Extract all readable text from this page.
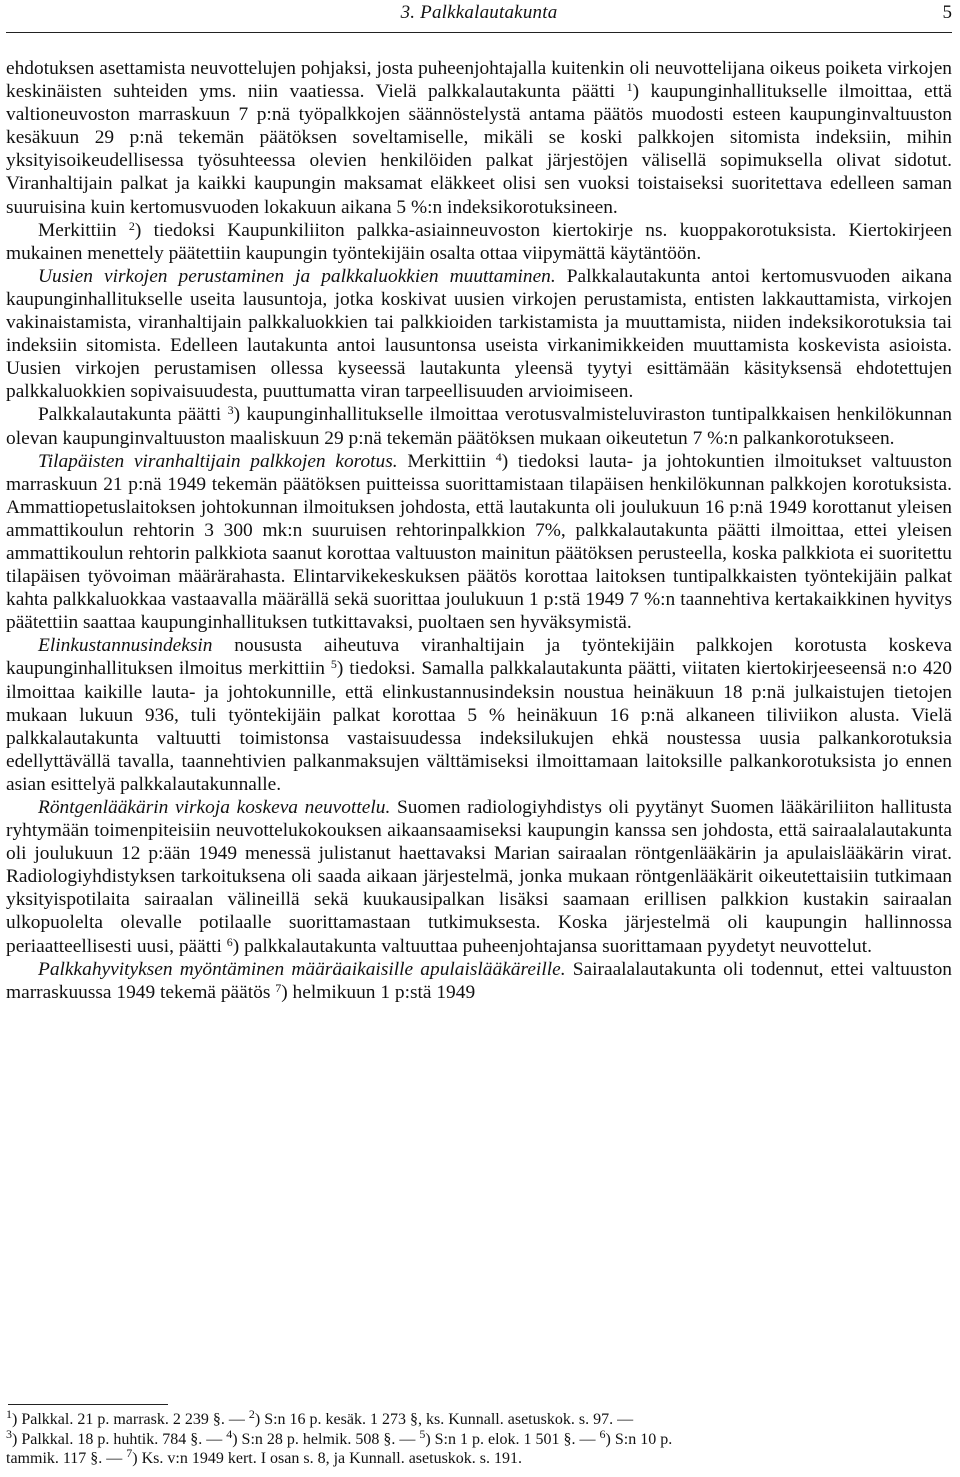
3. Palkkalautakunta	5

ehdotuksen asettamista neuvottelujen pohjaksi, josta puheenjohtajalla kuitenkin oli neuvottelijana oikeus poiketa virkojen keskinäisten suhteiden yms. niin vaatiessa. Vielä palkkalautakunta päätti $^1$) kaupunginhallitukselle ilmoittaa, että valtioneuvoston marraskuun 7 p:nä työpalkkojen säännöstelystä antama päätös muodosti esteen kaupunginvaltuuston kesäkuun 29 p:nä tekemän päätöksen soveltamiselle, mikäli se koski palkkojen sitomista indeksiin, mihin yksityisoikeudellisessa työsuhteessa olevien henkilöiden palkat järjestöjen välisellä sopimuksella olivat sidotut. Viranhaltijain palkat ja kaikki kaupungin maksamat eläkkeet olisi sen vuoksi toistaiseksi suoritettava edelleen saman suuruisina kuin kertomusvuoden lokakuun aikana 5 %:n indeksikorotuksineen.

Merkittiin $^2$) tiedoksi Kaupunkiliiton palkka-asiainneuvoston kiertokirje ns. kuoppakorotuksista. Kiertokirjeen mukainen menettely päätettiin kaupungin työntekijäin osalta ottaa viipymättä käytäntöön.

Uusien virkojen perustaminen ja palkkaluokkien muuttaminen. Palkkalautakunta antoi kertomusvuoden aikana kaupunginhallitukselle useita lausuntoja, jotka koskivat uusien virkojen perustamista, entisten lakkauttamista, virkojen vakinaistamista, viranhaltijain palkkaluokkien tai palkkioiden tarkistamista ja muuttamista, niiden indeksikorotuksia tai indeksiin sitomista. Edelleen lautakunta antoi lausuntonsa useista virkanimikkeiden muuttamista koskevista asioista. Uusien virkojen perustamisen ollessa kyseessä lautakunta yleensä tyytyi esittämään käsityksensä ehdotettujen palkkaluokkien sopivaisuudesta, puuttumatta viran tarpeellisuuden arvioimiseen.

Palkkalautakunta päätti $^3$) kaupunginhallitukselle ilmoittaa verotusvalmisteluviraston tuntipalkkaisen henkilökunnan olevan kaupunginvaltuuston maaliskuun 29 p:nä tekemän päätöksen mukaan oikeutetun 7 %:n palkankorotukseen.

Tilapäisten viranhaltijain palkkojen korotus. Merkittiin $^4$) tiedoksi lauta- ja johtokuntien ilmoitukset valtuuston marraskuun 21 p:nä 1949 tekemän päätöksen puitteissa suorittamistaan tilapäisen henkilökunnan palkkojen korotuksista. Ammattiopetuslaitoksen johtokunnan ilmoituksen johdosta, että lautakunta oli joulukuun 16 p:nä 1949 korottanut yleisen ammattikoulun rehtorin 3 300 mk:n suuruisen rehtorinpalkkion 7%, palkkalautakunta päätti ilmoittaa, ettei yleisen ammattikoulun rehtorin palkkiota saanut korottaa valtuuston mainitun päätöksen perusteella, koska palkkiota ei suoritettu tilapäisen työvoiman määrärahasta. Elintarvikekeskuksen päätös korottaa laitoksen tuntipalkkaisten työntekijäin palkat kahta palkkaluokkaa vastaavalla määrällä sekä suorittaa joulukuun 1 p:stä 1949 7 %:n taannehtiva kertakaikkinen hyvitys päätettiin saattaa kaupunginhallituksen tutkittavaksi, puoltaen sen hyväksymistä.

Elinkustannusindeksin noususta aiheutuva viranhaltijain ja työntekijäin palkkojen korotusta koskeva kaupunginhallituksen ilmoitus merkittiin $^5$) tiedoksi. Samalla palkkalautakunta päätti, viitaten kiertokirjeeseensä n:o 420 ilmoittaa kaikille lauta- ja johtokunnille, että elinkustannusindeksin noustua heinäkuun 18 p:nä julkaistujen tietojen mukaan lukuun 936, tuli työntekijäin palkat korottaa 5 % heinäkuun 16 p:nä alkaneen tiliviikon alusta. Vielä palkkalautakunta valtuutti toimistonsa vastaisuudessa indeksilukujen ehkä noustessa uusia palkankorotuksia edellyttävällä tavalla, taannehtivien palkanmaksujen välttämiseksi ilmoittamaan laitoksille palkankorotuksista jo ennen asian esittelyä palkkalautakunnalle.

Röntgenlääkärin virkoja koskeva neuvottelu. Suomen radiologiyhdistys oli pyytänyt Suomen lääkäriliiton hallitusta ryhtymään toimenpiteisiin neuvottelukokouksen aikaansaamiseksi kaupungin kanssa sen johdosta, että sairaalalautakunta oli joulukuun 12 p:ään 1949 menessä julistanut haettavaksi Marian sairaalan röntgenlääkärin ja apulaislääkärin virat. Radiologiyhdistyksen tarkoituksena oli saada aikaan järjestelmä, jonka mukaan röntgenlääkärit oikeutettaisiin tutkimaan yksityispotilaita sairaalan välineillä sekä kuukausipalkan lisäksi saamaan erillisen palkkion kustakin sairaalan ulkopuolelta olevalle potilaalle suorittamastaan tutkimuksesta. Koska järjestelmä oli kaupungin hallinnossa periaatteellisesti uusi, päätti $^6$) palkkalautakunta valtuuttaa puheenjohtajansa suorittamaan pyydetyt neuvottelut.

Palkkahyvityksen myöntäminen määräaikaisille apulaislääkäreille. Sairaalalautakunta oli todennut, ettei valtuuston marraskuussa 1949 tekemä päätös $^7$) helmikuun 1 p:stä 1949

$^1$) Palkkal. 21 p. marrask. 2 239 §. — $^2$) S:n 16 p. kesäk. 1 273 §, ks. Kunnall. asetuskok. s. 97. —

$^3$) Palkkal. 18 p. huhtik. 784 §. — $^4$) S:n 28 p. helmik. 508 §. — $^5$) S:n 1 p. elok. 1 501 §. — $^6$) S:n 10 p.

tammik. 117 §. — $^7$) Ks. v:n 1949 kert. I osan s. 8, ja Kunnall. asetuskok. s. 191.
